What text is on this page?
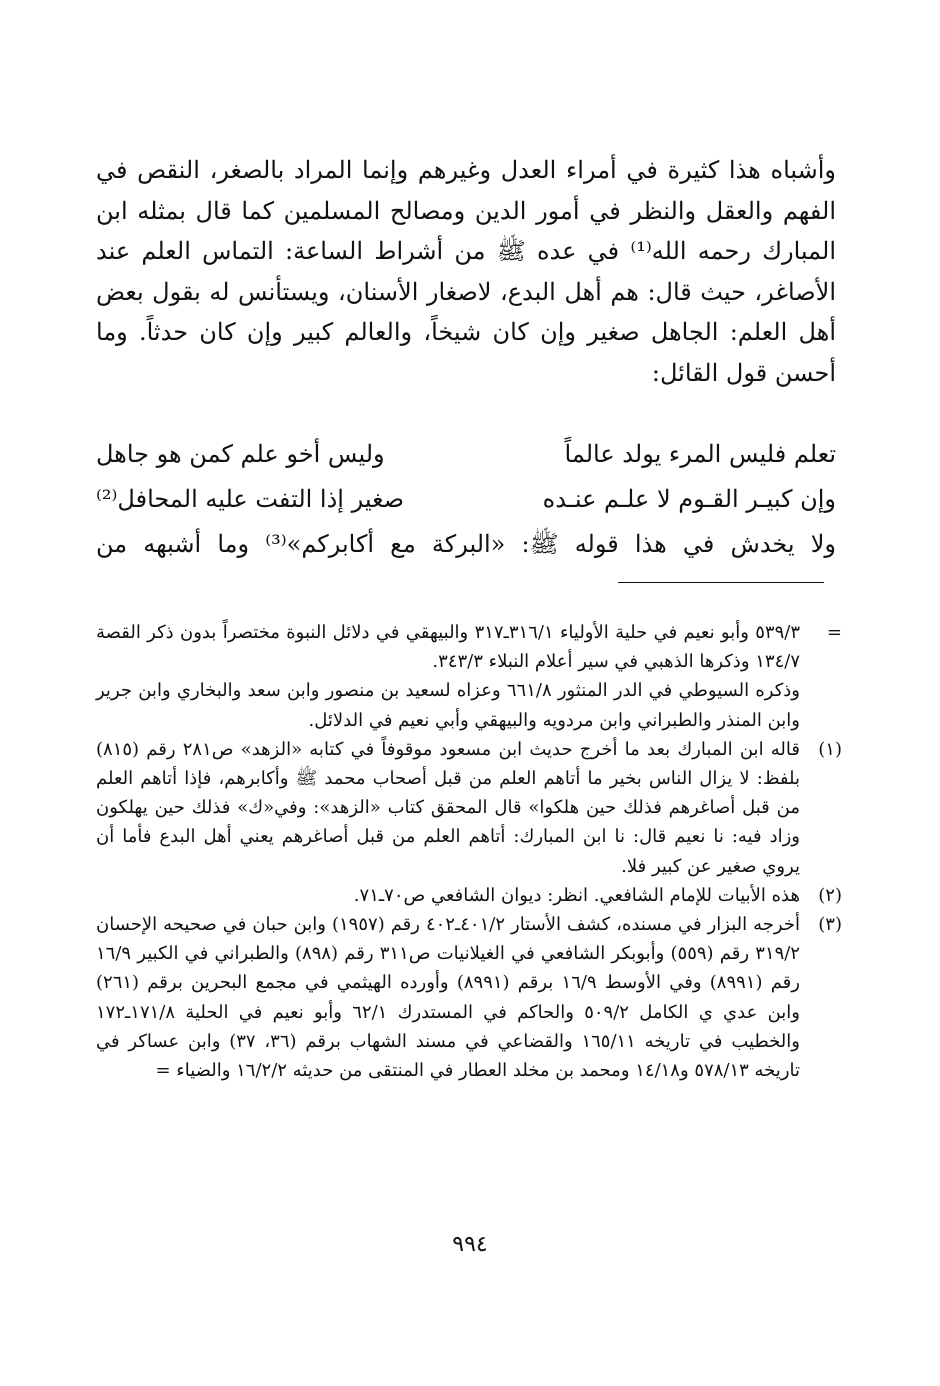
وأشباه هذا كثيرة في أمراء العدل وغيرهم وإنما المراد بالصغر، النقص في الفهم والعقل والنظر في أمور الدين ومصالح المسلمين كما قال بمثله ابن المبارك رحمه الله⁽¹⁾ في عده ﷺ من أشراط الساعة: التماس العلم عند الأصاغر، حيث قال: هم أهل البدع، لاصغار الأسنان، ويستأنس له بقول بعض أهل العلم: الجاهل صغير وإن كان شيخاً، والعالم كبير وإن كان حدثاً. وما أحسن قول القائل:

تعلم فليس المرء يولد عالماً
وليس أخو علم كمن هو جاهل
وإن كبيـر القـوم لا علـم عنـده
صغير إذا التفت عليه المحافل⁽²⁾
ولا يخدش في هذا قوله ﷺ: «البركة مع أكابركم»⁽³⁾ وما أشبهه من
=
٥٣٩/٣ وأبو نعيم في حلية الأولياء ٣١٦/١ـ٣١٧ والبيهقي في دلائل النبوة مختصراً بدون ذكر القصة ١٣٤/٧ وذكرها الذهبي في سير أعلام النبلاء ٣٤٣/٣.
وذكره السيوطي في الدر المنثور ٦٦١/٨ وعزاه لسعيد بن منصور وابن سعد والبخاري وابن جرير وابن المنذر والطبراني وابن مردويه والبيهقي وأبي نعيم في الدلائل.
(١)
قاله ابن المبارك بعد ما أخرج حديث ابن مسعود موقوفاً في كتابه «الزهد» ص٢٨١ رقم (٨١٥) بلفظ: لا يزال الناس بخير ما أتاهم العلم من قبل أصحاب محمد ﷺ وأكابرهم، فإذا أتاهم العلم من قبل أصاغرهم فذلك حين هلكوا» قال المحقق كتاب «الزهد»: وفي«ك» فذلك حين يهلكون وزاد فيه: نا نعيم قال: نا ابن المبارك: أتاهم العلم من قبل أصاغرهم يعني أهل البدع فأما أن يروي صغير عن كبير فلا.
(٢)
هذه الأبيات للإمام الشافعي. انظر: ديوان الشافعي ص٧٠ـ٧١.
(٣)
أخرجه البزار في مسنده، كشف الأستار ٤٠١/٢ـ٤٠٢ رقم (١٩٥٧) وابن حبان في صحيحه الإحسان ٣١٩/٢ رقم (٥٥٩) وأبوبكر الشافعي في الغيلانيات ص٣١١ رقم (٨٩٨) والطبراني في الكبير ١٦/٩ رقم (٨٩٩١) وفي الأوسط ١٦/٩ برقم (٨٩٩١) وأورده الهيثمي في مجمع البحرين برقم (٢٦١) وابن عدي ي الكامل ٥٠٩/٢ والحاكم في المستدرك ٦٢/١ وأبو نعيم في الحلية ١٧١/٨ـ١٧٢ والخطيب في تاريخه ١٦٥/١١ والقضاعي في مسند الشهاب برقم (٣٦، ٣٧) وابن عساكر في تاريخه ٥٧٨/١٣ و١٤/١٨ ومحمد بن مخلد العطار في المنتقى من حديثه ١٦/٢/٢ والضياء =
٩٩٤
